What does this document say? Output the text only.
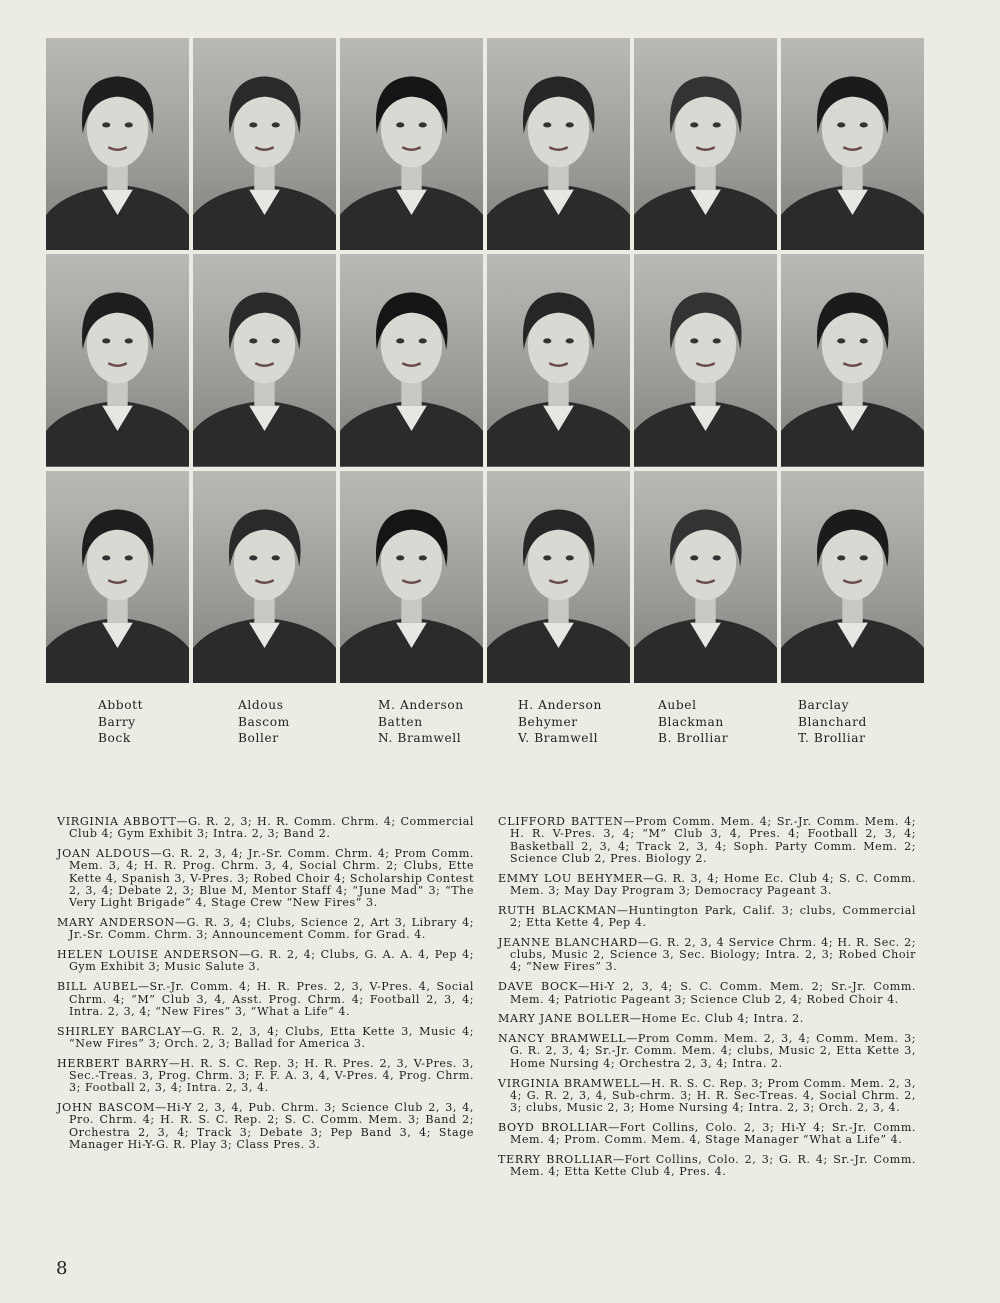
Abbott
Barry
Bock
Aldous
Bascom
Boller
M. Anderson
Batten
N. Bramwell
H. Anderson
Behymer
V. Bramwell
Aubel
Blackman
B. Brolliar
Barclay
Blanchard
T. Brolliar

VIRGINIA ABBOTT—G. R. 2, 3; H. R. Comm. Chrm. 4; Commercial Club 4; Gym Exhibit 3; Intra. 2, 3; Band 2.

JOAN ALDOUS—G. R. 2, 3, 4; Jr.-Sr. Comm. Chrm. 4; Prom Comm. Mem. 3, 4; H. R. Prog. Chrm. 3, 4, Social Chrm. 2; Clubs, Ette Kette 4, Spanish 3, V-Pres. 3; Robed Choir 4; Scholarship Contest 2, 3, 4; Debate 2, 3; Blue M, Mentor Staff 4; “June Mad” 3; “The Very Light Brigade” 4, Stage Crew “New Fires” 3.

MARY ANDERSON—G. R. 3, 4; Clubs, Science 2, Art 3, Library 4; Jr.-Sr. Comm. Chrm. 3; Announcement Comm. for Grad. 4.

HELEN LOUISE ANDERSON—G. R. 2, 4; Clubs, G. A. A. 4, Pep 4; Gym Exhibit 3; Music Salute 3.

BILL AUBEL—Sr.-Jr. Comm. 4; H. R. Pres. 2, 3, V-Pres. 4, Social Chrm. 4; “M” Club 3, 4, Asst. Prog. Chrm. 4; Football 2, 3, 4; Intra. 2, 3, 4; “New Fires” 3, “What a Life” 4.

SHIRLEY BARCLAY—G. R. 2, 3, 4; Clubs, Etta Kette 3, Music 4; “New Fires” 3; Orch. 2, 3; Ballad for America 3.

HERBERT BARRY—H. R. S. C. Rep. 3; H. R. Pres. 2, 3, V-Pres. 3, Sec.-Treas. 3, Prog. Chrm. 3; F. F. A. 3, 4, V-Pres. 4, Prog. Chrm. 3; Football 2, 3, 4; Intra. 2, 3, 4.

JOHN BASCOM—Hi-Y 2, 3, 4, Pub. Chrm. 3; Science Club 2, 3, 4, Pro. Chrm. 4; H. R. S. C. Rep. 2; S. C. Comm. Mem. 3; Band 2; Orchestra 2, 3, 4; Track 3; Debate 3; Pep Band 3, 4; Stage Manager Hi-Y-G. R. Play 3; Class Pres. 3.

CLIFFORD BATTEN—Prom Comm. Mem. 4; Sr.-Jr. Comm. Mem. 4; H. R. V-Pres. 3, 4; “M” Club 3, 4, Pres. 4; Football 2, 3, 4; Basketball 2, 3, 4; Track 2, 3, 4; Soph. Party Comm. Mem. 2; Science Club 2, Pres. Biology 2.

EMMY LOU BEHYMER—G. R. 3, 4; Home Ec. Club 4; S. C. Comm. Mem. 3; May Day Program 3; Democracy Pageant 3.

RUTH BLACKMAN—Huntington Park, Calif. 3; clubs, Commercial 2; Etta Kette 4, Pep 4.

JEANNE BLANCHARD—G. R. 2, 3, 4 Service Chrm. 4; H. R. Sec. 2; clubs, Music 2, Science 3, Sec. Biology; Intra. 2, 3; Robed Choir 4; “New Fires” 3.

DAVE BOCK—Hi-Y 2, 3, 4; S. C. Comm. Mem. 2; Sr.-Jr. Comm. Mem. 4; Patriotic Pageant 3; Science Club 2, 4; Robed Choir 4.

MARY JANE BOLLER—Home Ec. Club 4; Intra. 2.

NANCY BRAMWELL—Prom Comm. Mem. 2, 3, 4; Comm. Mem. 3; G. R. 2, 3, 4; Sr.-Jr. Comm. Mem. 4; clubs, Music 2, Etta Kette 3, Home Nursing 4; Orchestra 2, 3, 4; Intra. 2.

VIRGINIA BRAMWELL—H. R. S. C. Rep. 3; Prom Comm. Mem. 2, 3, 4; G. R. 2, 3, 4, Sub-chrm. 3; H. R. Sec-Treas. 4, Social Chrm. 2, 3; clubs, Music 2, 3; Home Nursing 4; Intra. 2, 3; Orch. 2, 3, 4.

BOYD BROLLIAR—Fort Collins, Colo. 2, 3; Hi-Y 4; Sr.-Jr. Comm. Mem. 4; Prom. Comm. Mem. 4, Stage Manager “What a Life” 4.

TERRY BROLLIAR—Fort Collins, Colo. 2, 3; G. R. 4; Sr.-Jr. Comm. Mem. 4; Etta Kette Club 4, Pres. 4.

8
